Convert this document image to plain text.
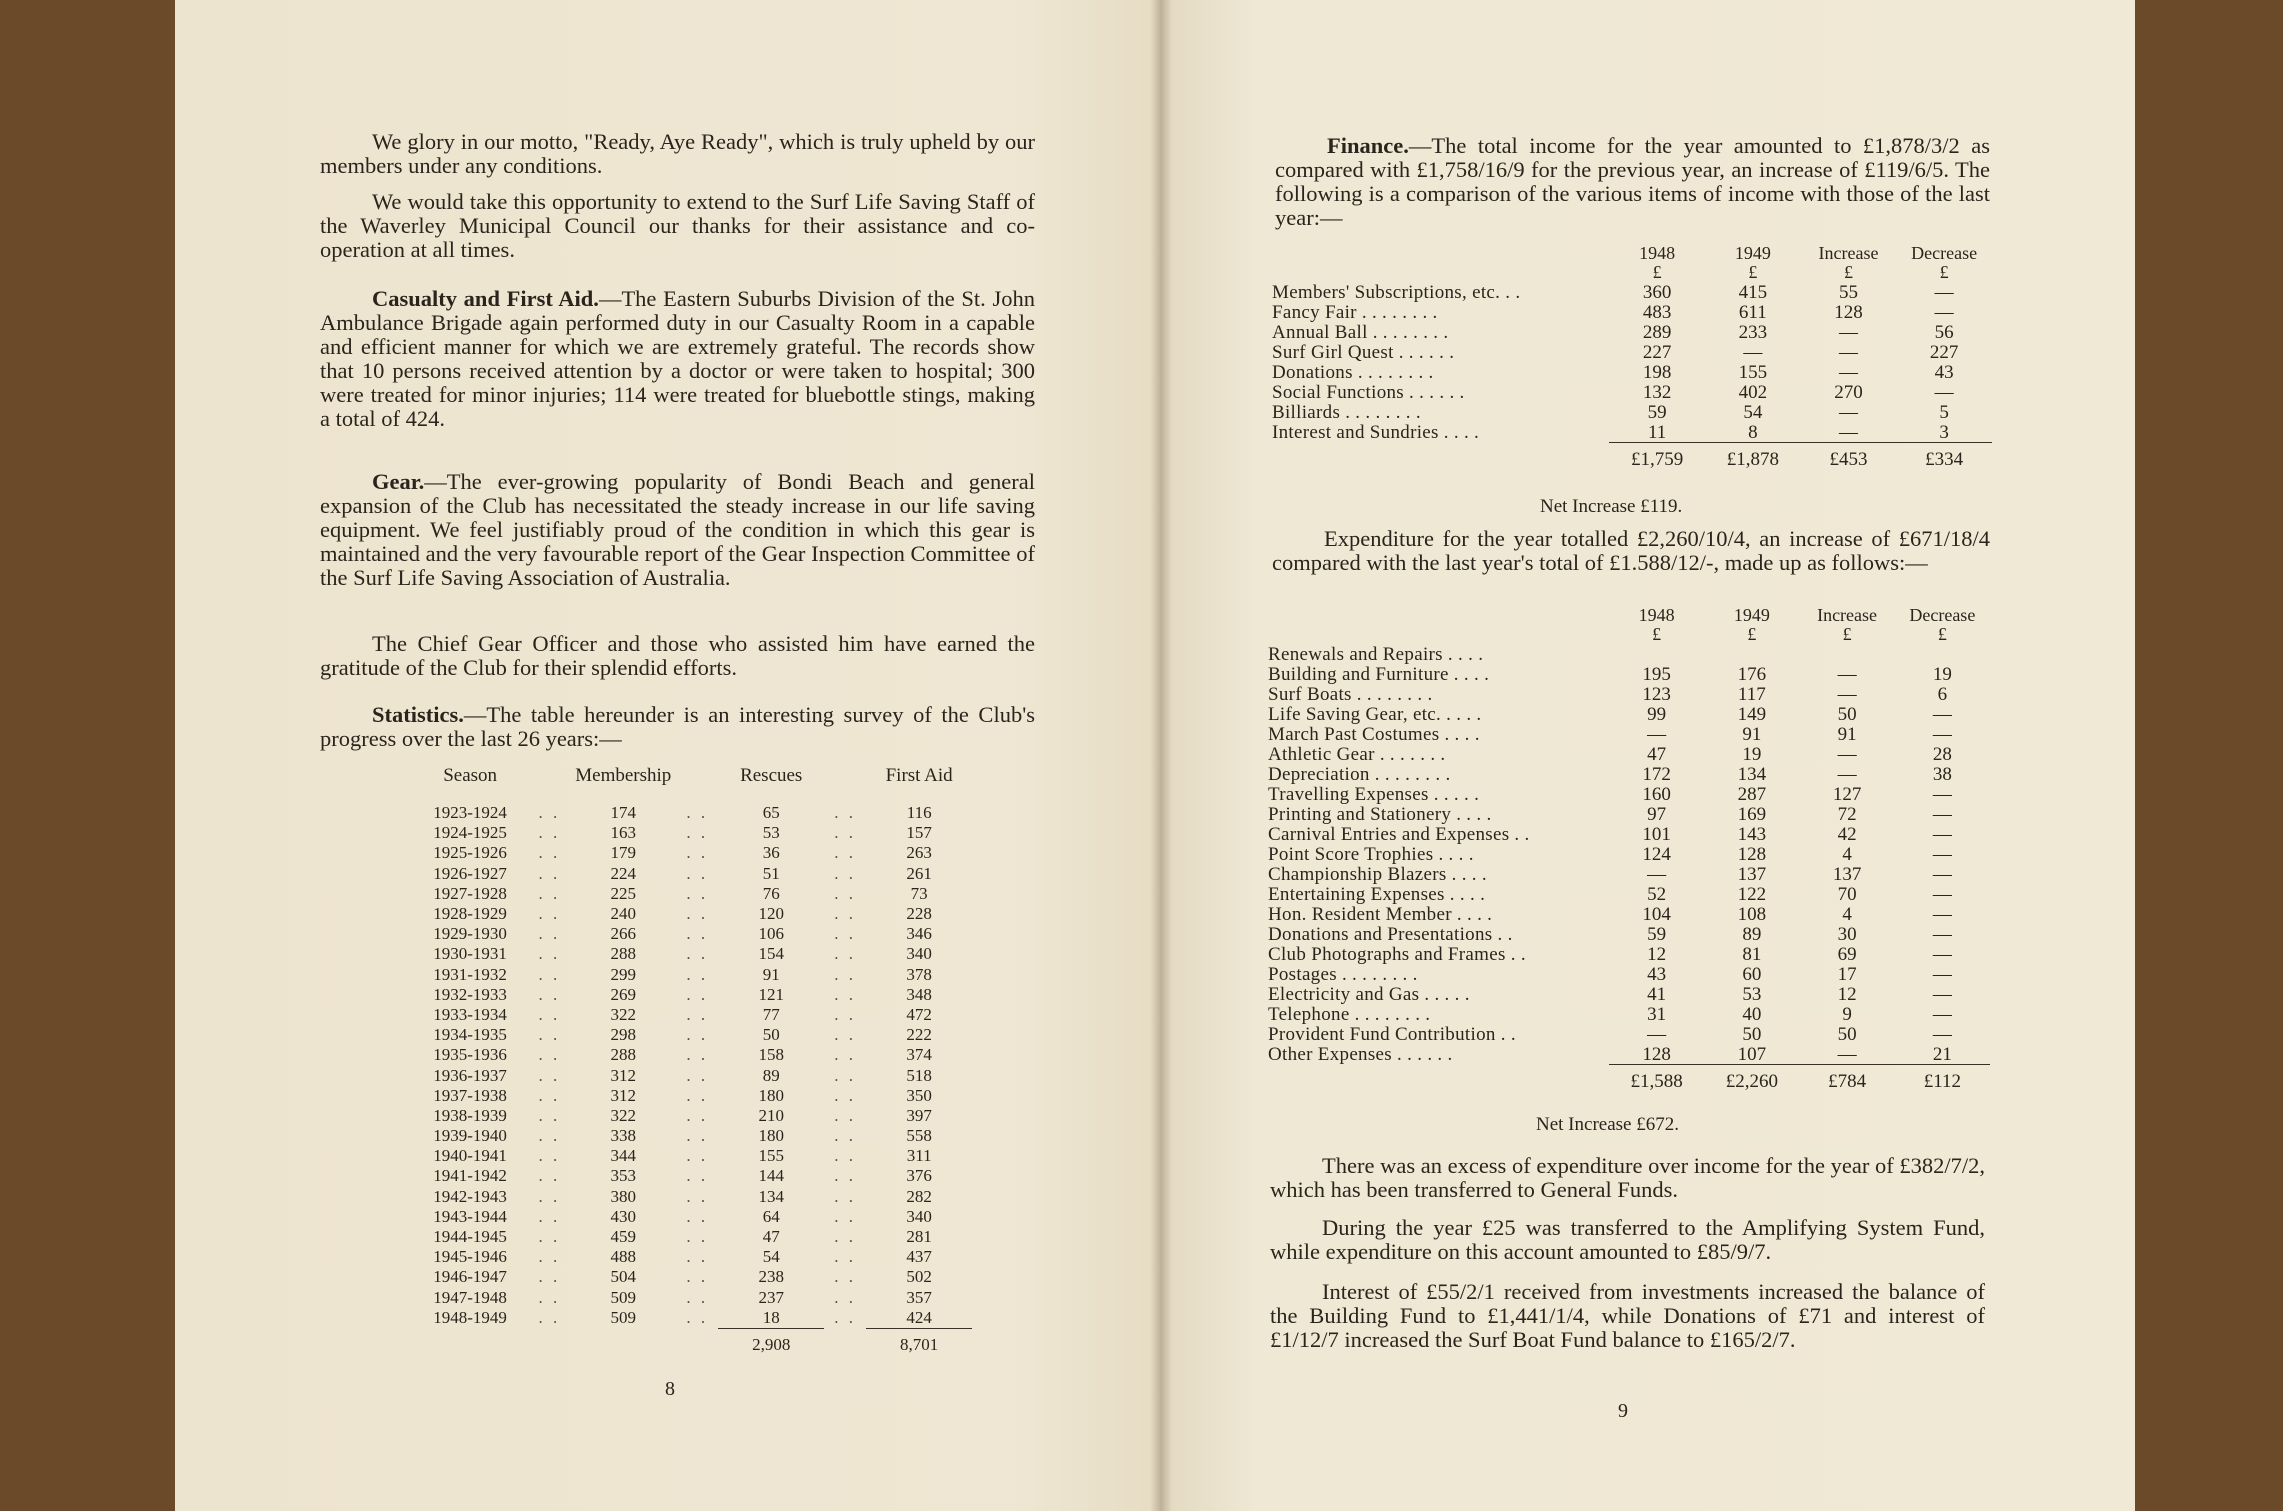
We glory in our motto, "Ready, Aye Ready", which is truly upheld by our members under any conditions.

We would take this opportunity to extend to the Surf Life Saving Staff of the Waverley Municipal Council our thanks for their assistance and co-operation at all times.

Casualty and First Aid.—The Eastern Suburbs Division of the St. John Ambulance Brigade again performed duty in our Casualty Room in a capable and efficient manner for which we are extremely grateful. The records show that 10 persons received attention by a doctor or were taken to hospital; 300 were treated for minor injuries; 114 were treated for bluebottle stings, making a total of 424.

Gear.—The ever-growing popularity of Bondi Beach and general expansion of the Club has necessitated the steady increase in our life saving equipment. We feel justifiably proud of the condition in which this gear is maintained and the very favourable report of the Gear Inspection Committee of the Surf Life Saving Association of Australia.

The Chief Gear Officer and those who assisted him have earned the gratitude of the Club for their splendid efforts.

Statistics.—The table hereunder is an interesting survey of the Club's progress over the last 26 years:—

Season		Membership		Rescues		First Aid
1923-1924	. .	174	. .	65	. .	116
1924-1925	. .	163	. .	53	. .	157
1925-1926	. .	179	. .	36	. .	263
1926-1927	. .	224	. .	51	. .	261
1927-1928	. .	225	. .	76	. .	73
1928-1929	. .	240	. .	120	. .	228
1929-1930	. .	266	. .	106	. .	346
1930-1931	. .	288	. .	154	. .	340
1931-1932	. .	299	. .	91	. .	378
1932-1933	. .	269	. .	121	. .	348
1933-1934	. .	322	. .	77	. .	472
1934-1935	. .	298	. .	50	. .	222
1935-1936	. .	288	. .	158	. .	374
1936-1937	. .	312	. .	89	. .	518
1937-1938	. .	312	. .	180	. .	350
1938-1939	. .	322	. .	210	. .	397
1939-1940	. .	338	. .	180	. .	558
1940-1941	. .	344	. .	155	. .	311
1941-1942	. .	353	. .	144	. .	376
1942-1943	. .	380	. .	134	. .	282
1943-1944	. .	430	. .	64	. .	340
1944-1945	. .	459	. .	47	. .	281
1945-1946	. .	488	. .	54	. .	437
1946-1947	. .	504	. .	238	. .	502
1947-1948	. .	509	. .	237	. .	357
1948-1949	. .	509	. .	18	. .	424
				2,908		8,701
8

Finance.—The total income for the year amounted to £1,878/3/2 as compared with £1,758/16/9 for the previous year, an increase of £119/6/5. The following is a comparison of the various items of income with those of the last year:—

	1948	1949	Increase	Decrease
	£	£	£	£
Members' Subscriptions, etc. . .	360	415	55	—
Fancy Fair . . . . . . . .	483	611	128	—
Annual Ball . . . . . . . .	289	233	—	56
Surf Girl Quest . . . . . .	227	—	—	227
Donations . . . . . . . .	198	155	—	43
Social Functions . . . . . .	132	402	270	—
Billiards . . . . . . . .	59	54	—	5
Interest and Sundries . . . .	11	8	—	3
	£1,759	£1,878	£453	£334
Net Increase £119.

Expenditure for the year totalled £2,260/10/4, an increase of £671/18/4 compared with the last year's total of £1.588/12/-, made up as follows:—

	1948	1949	Increase	Decrease
	£	£	£	£
Renewals and Repairs . . . .				
Building and Furniture . . . .	195	176	—	19
Surf Boats . . . . . . . .	123	117	—	6
Life Saving Gear, etc. . . . .	99	149	50	—
March Past Costumes . . . .	—	91	91	—
Athletic Gear . . . . . . .	47	19	—	28
Depreciation . . . . . . . .	172	134	—	38
Travelling Expenses . . . . .	160	287	127	—
Printing and Stationery . . . .	97	169	72	—
Carnival Entries and Expenses . .	101	143	42	—
Point Score Trophies . . . .	124	128	4	—
Championship Blazers . . . .	—	137	137	—
Entertaining Expenses . . . .	52	122	70	—
Hon. Resident Member . . . .	104	108	4	—
Donations and Presentations . .	59	89	30	—
Club Photographs and Frames . .	12	81	69	—
Postages . . . . . . . .	43	60	17	—
Electricity and Gas . . . . .	41	53	12	—
Telephone . . . . . . . .	31	40	9	—
Provident Fund Contribution . .	—	50	50	—
Other Expenses . . . . . .	128	107	—	21
	£1,588	£2,260	£784	£112
Net Increase £672.

There was an excess of expenditure over income for the year of £382/7/2, which has been transferred to General Funds.

During the year £25 was transferred to the Amplifying System Fund, while expenditure on this account amounted to £85/9/7.

Interest of £55/2/1 received from investments increased the balance of the Building Fund to £1,441/1/4, while Donations of £71 and interest of £1/12/7 increased the Surf Boat Fund balance to £165/2/7.

9
